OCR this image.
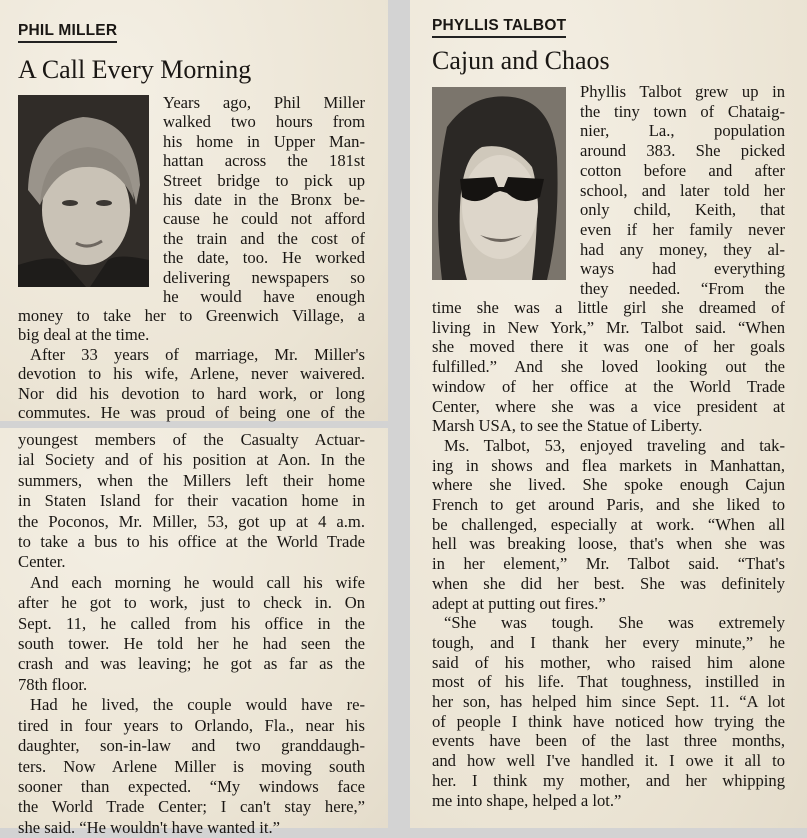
PHIL MILLER
A Call Every Morning
Years ago, Phil Miller
walked two hours from
his home in Upper Man-
hattan across the 181st
Street bridge to pick up
his date in the Bronx be-
cause he could not afford
the train and the cost of
the date, too. He worked
delivering newspapers so
he would have enough
money to take her to Greenwich Village, a
big deal at the time.
After 33 years of marriage, Mr. Miller's
devotion to his wife, Arlene, never waivered.
Nor did his devotion to hard work, or long
commutes. He was proud of being one of the
youngest members of the Casualty Actuar-
ial Society and of his position at Aon. In the
summers, when the Millers left their home
in Staten Island for their vacation home in
the Poconos, Mr. Miller, 53, got up at 4 a.m.
to take a bus to his office at the World Trade
Center.
And each morning he would call his wife
after he got to work, just to check in. On
Sept. 11, he called from his office in the
south tower. He told her he had seen the
crash and was leaving; he got as far as the
78th floor.
Had he lived, the couple would have re-
tired in four years to Orlando, Fla., near his
daughter, son-in-law and two granddaugh-
ters. Now Arlene Miller is moving south
sooner than expected. “My windows face
the World Trade Center; I can't stay here,”
she said. “He wouldn't have wanted it.”
PHYLLIS TALBOT
Cajun and Chaos
Phyllis Talbot grew up in
the tiny town of Chataig-
nier, La., population
around 383. She picked
cotton before and after
school, and later told her
only child, Keith, that
even if her family never
had any money, they al-
ways had everything
they needed. “From the
time she was a little girl she dreamed of
living in New York,” Mr. Talbot said. “When
she moved there it was one of her goals
fulfilled.” And she loved looking out the
window of her office at the World Trade
Center, where she was a vice president at
Marsh USA, to see the Statue of Liberty.
Ms. Talbot, 53, enjoyed traveling and tak-
ing in shows and flea markets in Manhattan,
where she lived. She spoke enough Cajun
French to get around Paris, and she liked to
be challenged, especially at work. “When all
hell was breaking loose, that's when she was
in her element,” Mr. Talbot said. “That's
when she did her best. She was definitely
adept at putting out fires.”
“She was tough. She was extremely
tough, and I thank her every minute,” he
said of his mother, who raised him alone
most of his life. That toughness, instilled in
her son, has helped him since Sept. 11. “A lot
of people I think have noticed how trying the
events have been of the last three months,
and how well I've handled it. I owe it all to
her. I think my mother, and her whipping
me into shape, helped a lot.”
